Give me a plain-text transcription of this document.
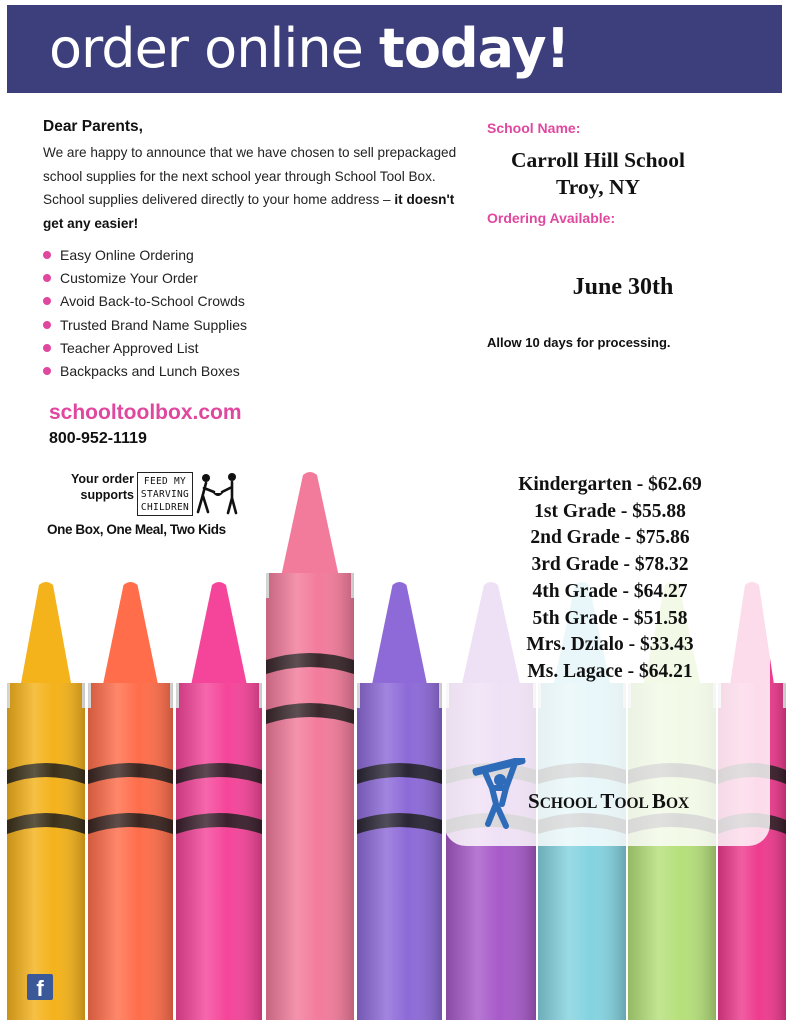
order online today!
Dear Parents,
We are happy to announce that we have chosen to sell prepackaged school supplies for the next school year through School Tool Box. School supplies delivered directly to your home address – it doesn't get any easier!
Easy Online Ordering
Customize Your Order
Avoid Back-to-School Crowds
Trusted Brand Name Supplies
Teacher Approved List
Backpacks and Lunch Boxes
schooltoolbox.com
800-952-1119
Your order
supports
FEED MY
STARVING
CHILDREN
One Box, One Meal, Two Kids
School Name:
Carroll Hill School
Troy, NY
Ordering Available:
June 30th
Allow 10 days for processing.
Kindergarten - $62.69
1st Grade - $55.88
2nd Grade - $75.86
3rd Grade - $78.32
4th Grade - $64.27
5th Grade - $51.58
Mrs. Dzialo - $33.43
Ms. Lagace - $64.21
SCHOOL TOOL BOX
f
